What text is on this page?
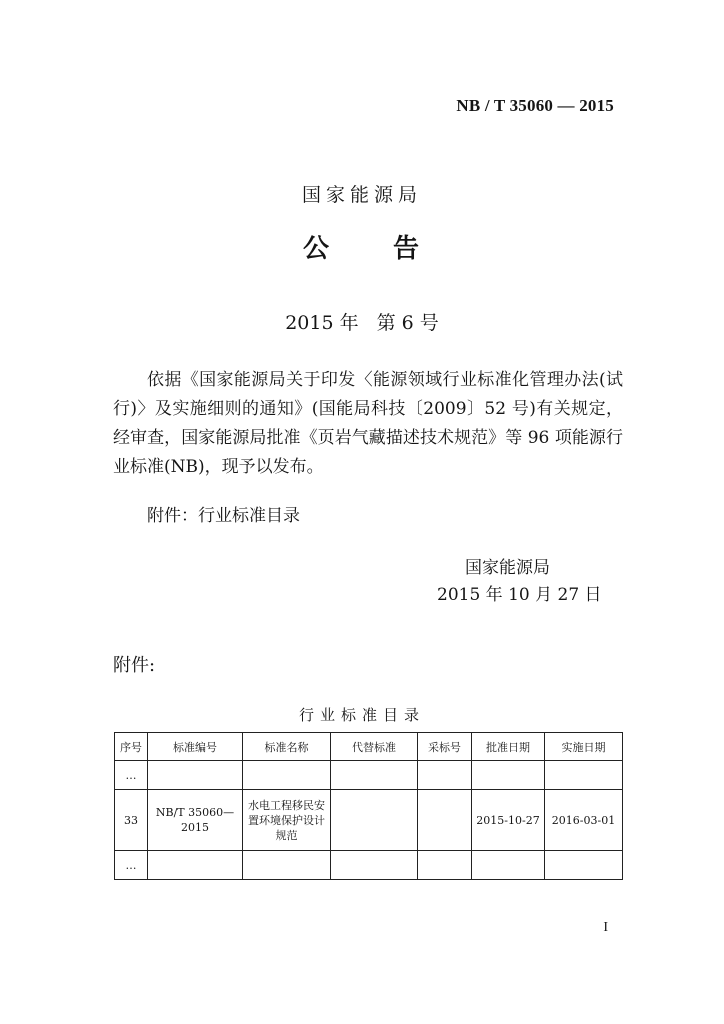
NB / T 35060 — 2015
国家能源局
公 告
2015 年 第 6 号
依据《国家能源局关于印发〈能源领域行业标准化管理办法(试行)〉及实施细则的通知》(国能局科技〔2009〕52 号)有关规定，经审查，国家能源局批准《页岩气藏描述技术规范》等 96 项能源行业标准(NB)，现予以发布。
附件：行业标准目录
国家能源局
2015 年 10 月 27 日
附件:
行业标准目录
序号	标准编号	标准名称	代替标准	采标号	批准日期	实施日期
…						
33	NB/T 35060—2015	水电工程移民安置环境保护设计规范			2015-10-27	2016-03-01
…						
I
